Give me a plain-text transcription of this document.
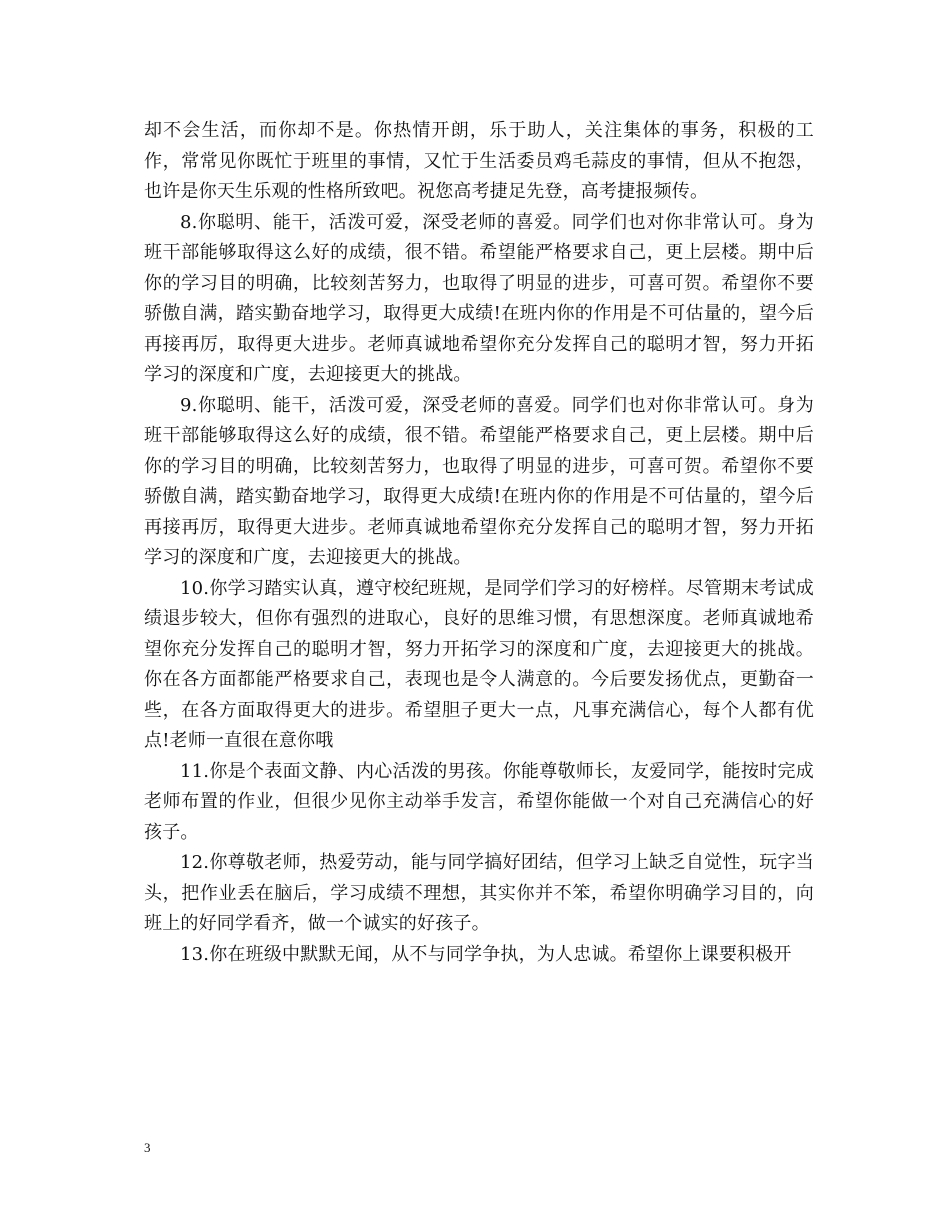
却不会生活，而你却不是。你热情开朗，乐于助人，关注集体的事务，积极的工作，常常见你既忙于班里的事情，又忙于生活委员鸡毛蒜皮的事情，但从不抱怨，也许是你天生乐观的性格所致吧。祝您高考捷足先登，高考捷报频传。

8.你聪明、能干，活泼可爱，深受老师的喜爱。同学们也对你非常认可。身为班干部能够取得这么好的成绩，很不错。希望能严格要求自己，更上层楼。期中后你的学习目的明确，比较刻苦努力，也取得了明显的进步，可喜可贺。希望你不要骄傲自满，踏实勤奋地学习，取得更大成绩!在班内你的作用是不可估量的，望今后再接再厉，取得更大进步。老师真诚地希望你充分发挥自己的聪明才智，努力开拓学习的深度和广度，去迎接更大的挑战。

9.你聪明、能干，活泼可爱，深受老师的喜爱。同学们也对你非常认可。身为班干部能够取得这么好的成绩，很不错。希望能严格要求自己，更上层楼。期中后你的学习目的明确，比较刻苦努力，也取得了明显的进步，可喜可贺。希望你不要骄傲自满，踏实勤奋地学习，取得更大成绩!在班内你的作用是不可估量的，望今后再接再厉，取得更大进步。老师真诚地希望你充分发挥自己的聪明才智，努力开拓学习的深度和广度，去迎接更大的挑战。

10.你学习踏实认真，遵守校纪班规，是同学们学习的好榜样。尽管期末考试成绩退步较大，但你有强烈的进取心，良好的思维习惯，有思想深度。老师真诚地希望你充分发挥自己的聪明才智，努力开拓学习的深度和广度，去迎接更大的挑战。 你在各方面都能严格要求自己，表现也是令人满意的。今后要发扬优点，更勤奋一些，在各方面取得更大的进步。希望胆子更大一点，凡事充满信心，每个人都有优点!老师一直很在意你哦

11.你是个表面文静、内心活泼的男孩。你能尊敬师长，友爱同学，能按时完成老师布置的作业，但很少见你主动举手发言，希望你能做一个对自己充满信心的好孩子。

12.你尊敬老师，热爱劳动，能与同学搞好团结，但学习上缺乏自觉性，玩字当头，把作业丢在脑后，学习成绩不理想，其实你并不笨，希望你明确学习目的，向班上的好同学看齐，做一个诚实的好孩子。

13.你在班级中默默无闻，从不与同学争执，为人忠诚。希望你上课要积极开

3
